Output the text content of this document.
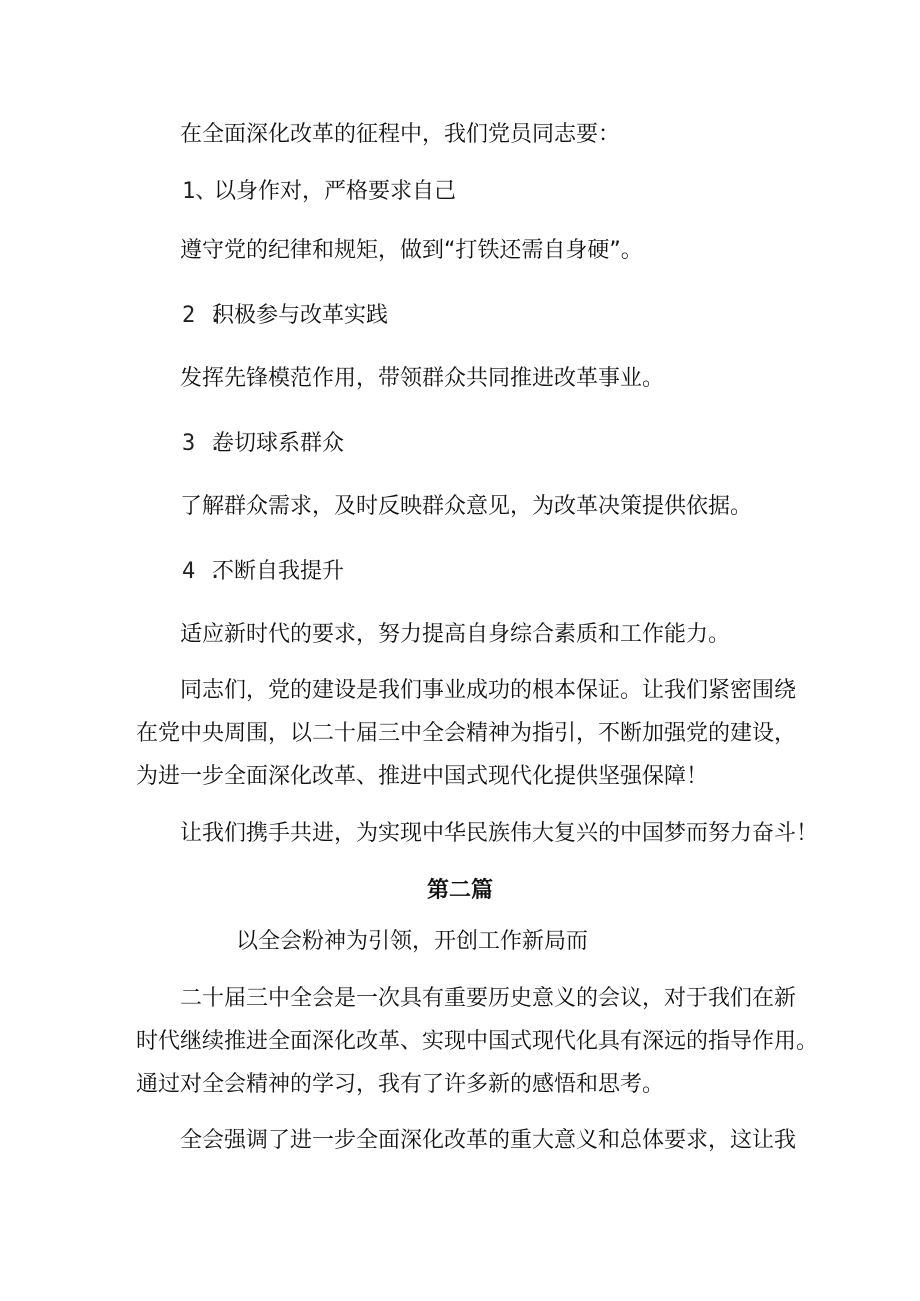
在全面深化改革的征程中，我们党员同志要：
1、以身作对，严格要求自己
遵守党的纪律和规矩，做到“打铁还需自身硬”。
2 .积极参与改革实践
发挥先锋模范作用，带领群众共同推进改革事业。
3 .卷切球系群众
了解群众需求，及时反映群众意见，为改革决策提供依据。
4 .不断自我提升
适应新时代的要求，努力提高自身综合素质和工作能力。
同志们，党的建设是我们事业成功的根本保证。让我们紧密围绕
在党中央周围，以二十届三中全会精神为指引，不断加强党的建设，
为进一步全面深化改革、推进中国式现代化提供坚强保障！
让我们携手共进，为实现中华民族伟大复兴的中国梦而努力奋斗！
第二篇
以全会粉神为引领，开创工作新局而
二十届三中全会是一次具有重要历史意义的会议，对于我们在新
时代继续推进全面深化改革、实现中国式现代化具有深远的指导作用。
通过对全会精神的学习，我有了许多新的感悟和思考。
全会强调了进一步全面深化改革的重大意义和总体要求，这让我
